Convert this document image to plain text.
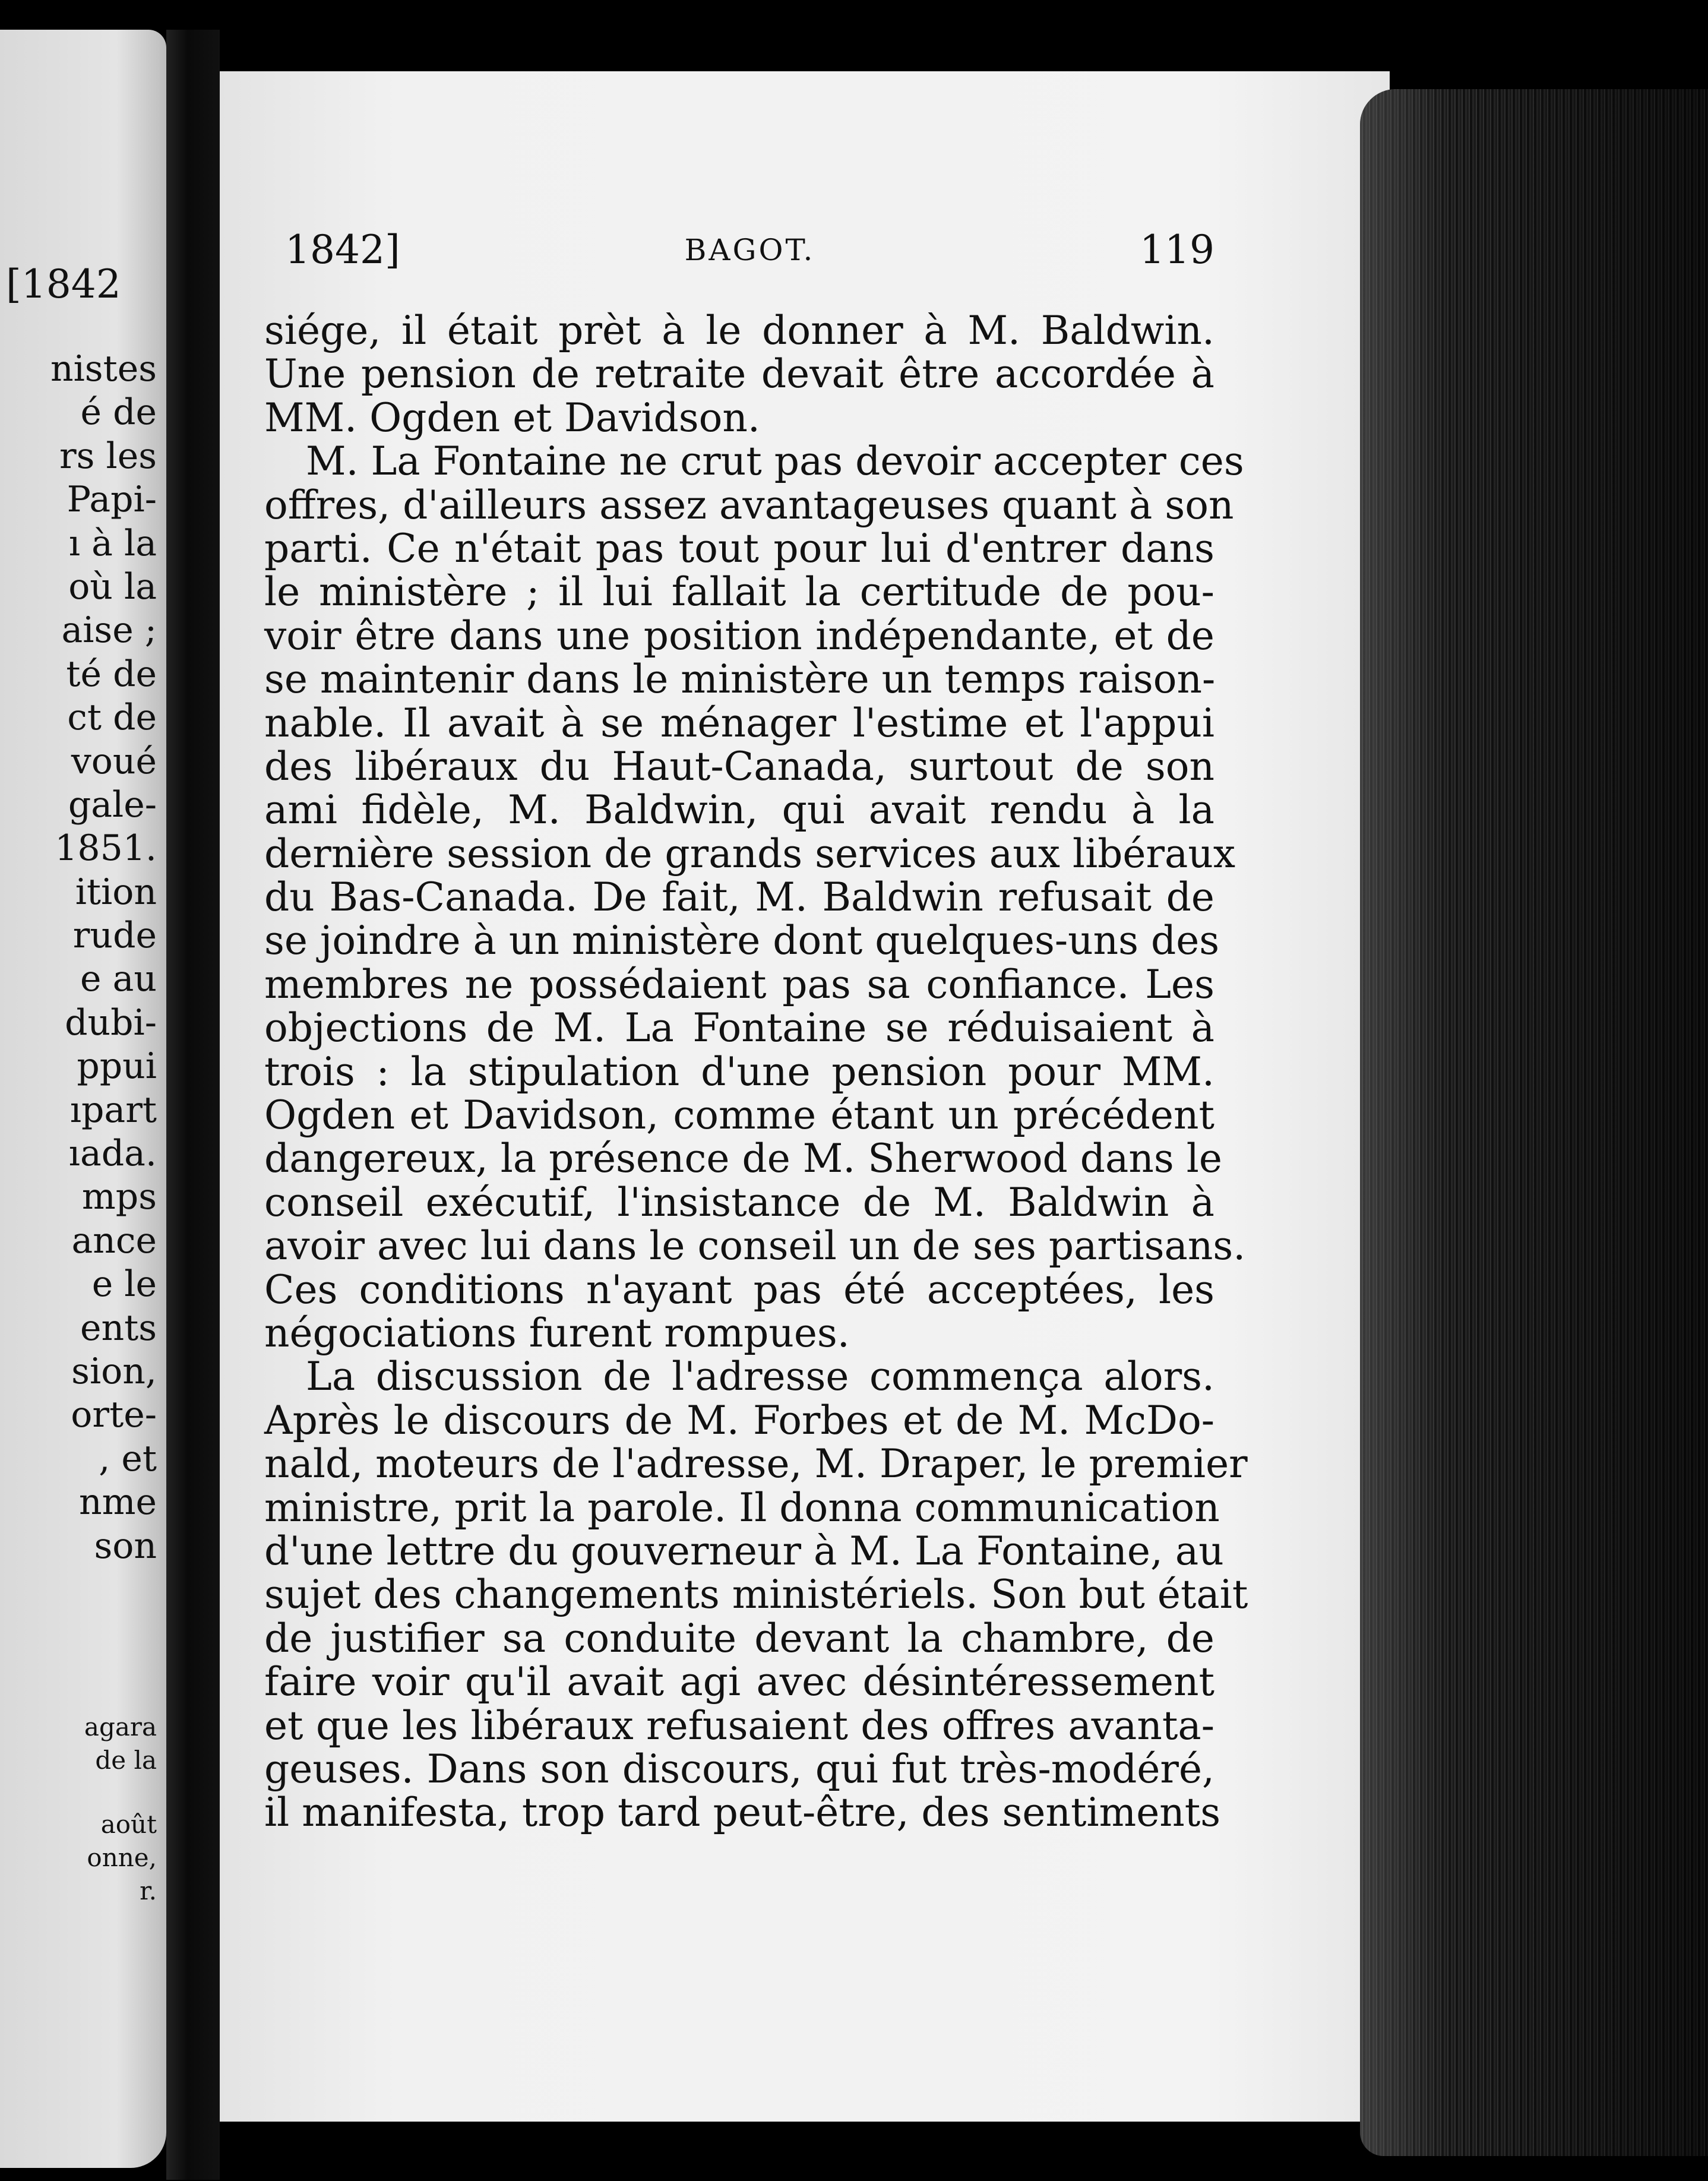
[1842
nistes
é de
rs les
Papi-
ı à la
où la
aise ;
té de
ct de
voué
gale-
1851.
ition
rude
e au
dubi-
ppui
ıpart
ıada.
mps
ance
e le
ents
sion,
orte-
, et
nme
son
agara
de la
août
onne,
r.
1842]	BAGOT.	119
siége, il était prèt à le donner à M. Baldwin.
Une pension de retraite devait être accordée à
MM. Ogden et Davidson.
M. La Fontaine ne crut pas devoir accepter ces
offres, d'ailleurs assez avantageuses quant à son
parti. Ce n'était pas tout pour lui d'entrer dans
le ministère ; il lui fallait la certitude de pou-
voir être dans une position indépendante, et de
se maintenir dans le ministère un temps raison-
nable. Il avait à se ménager l'estime et l'appui
des libéraux du Haut-Canada, surtout de son
ami fidèle, M. Baldwin, qui avait rendu à la
dernière session de grands services aux libéraux
du Bas-Canada. De fait, M. Baldwin refusait de
se joindre à un ministère dont quelques-uns des
membres ne possédaient pas sa confiance. Les
objections de M. La Fontaine se réduisaient à
trois : la stipulation d'une pension pour MM.
Ogden et Davidson, comme étant un précédent
dangereux, la présence de M. Sherwood dans le
conseil exécutif, l'insistance de M. Baldwin à
avoir avec lui dans le conseil un de ses partisans.
Ces conditions n'ayant pas été acceptées, les
négociations furent rompues.
La discussion de l'adresse commença alors.
Après le discours de M. Forbes et de M. McDo-
nald, moteurs de l'adresse, M. Draper, le premier
ministre, prit la parole. Il donna communication
d'une lettre du gouverneur à M. La Fontaine, au
sujet des changements ministériels. Son but était
de justifier sa conduite devant la chambre, de
faire voir qu'il avait agi avec désintéressement
et que les libéraux refusaient des offres avanta-
geuses. Dans son discours, qui fut très-modéré,
il manifesta, trop tard peut-être, des sentiments
